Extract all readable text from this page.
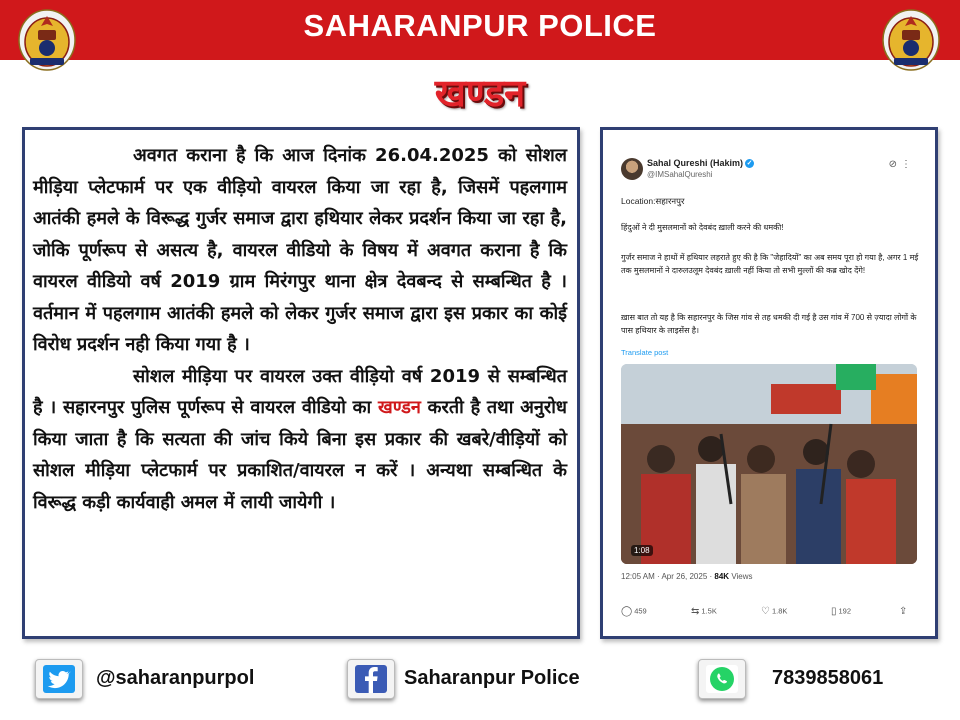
SAHARANPUR POLICE
खण्डन

अवगत कराना है कि आज दिनांक 26.04.2025 को सोशल मीड़िया प्लेटफार्म पर एक वीड़ियो वायरल किया जा रहा है, जिसमें पहलगाम आतंकी हमले के विरूद्ध गुर्जर समाज द्वारा हथियार लेकर प्रदर्शन किया जा रहा है, जोकि पूर्णरूप से असत्य है, वायरल वीडियो के विषय में अवगत कराना है कि वायरल वीडियो वर्ष 2019 ग्राम मिरंगपुर थाना क्षेत्र देवबन्द से सम्बन्धित है । वर्तमान में पहलगाम आतंकी हमले को लेकर गुर्जर समाज द्वारा इस प्रकार का कोई विरोध प्रदर्शन नही किया गया है ।

सोशल मीड़िया पर वायरल उक्त वीड़ियो वर्ष 2019 से सम्बन्धित है । सहारनपुर पुलिस पूर्णरूप से वायरल वीडियो का खण्डन करती है तथा अनुरोध किया जाता है कि सत्यता की जांच किये बिना इस प्रकार की खबरे/वीड़ियों को सोशल मीड़िया प्लेटफार्म पर प्रकाशित/वायरल न करें । अन्यथा सम्बन्धित के विरूद्ध कड़ी कार्यवाही अमल में लायी जायेगी ।

Sahal Qureshi (Hakim) ✓
@IMSahalQureshi
⊘⋮
Location:सहारनपुर
हिंदुओं ने दी मुसलमानों को देवबंद ख़ाली करने की धमकी!
गुर्जर समाज ने हाथों में हथियार लहराते हुए की है कि "जेहादियों" का अब समय पूरा हो गया है, अगर 1 मई तक मुसलमानों ने दारुलउलूम देवबंद ख़ाली नहीं किया तो सभी मुल्लों की कब्र खोद देंगे!
ख़ास बात तो यह है कि सहारनपुर के जिस गांव से तह धमकी दी गई है उस गांव में 700 से ज़्यादा लोगों के पास हथियार के लाइसेंस है।
Translate post
1:08
12:05 AM · Apr 26, 2025 · 84K Views
◯ 459	⇆ 1.5K	♡ 1.8K	▯ 192	⇪
@saharanpurpol	Saharanpur Police	7839858061
